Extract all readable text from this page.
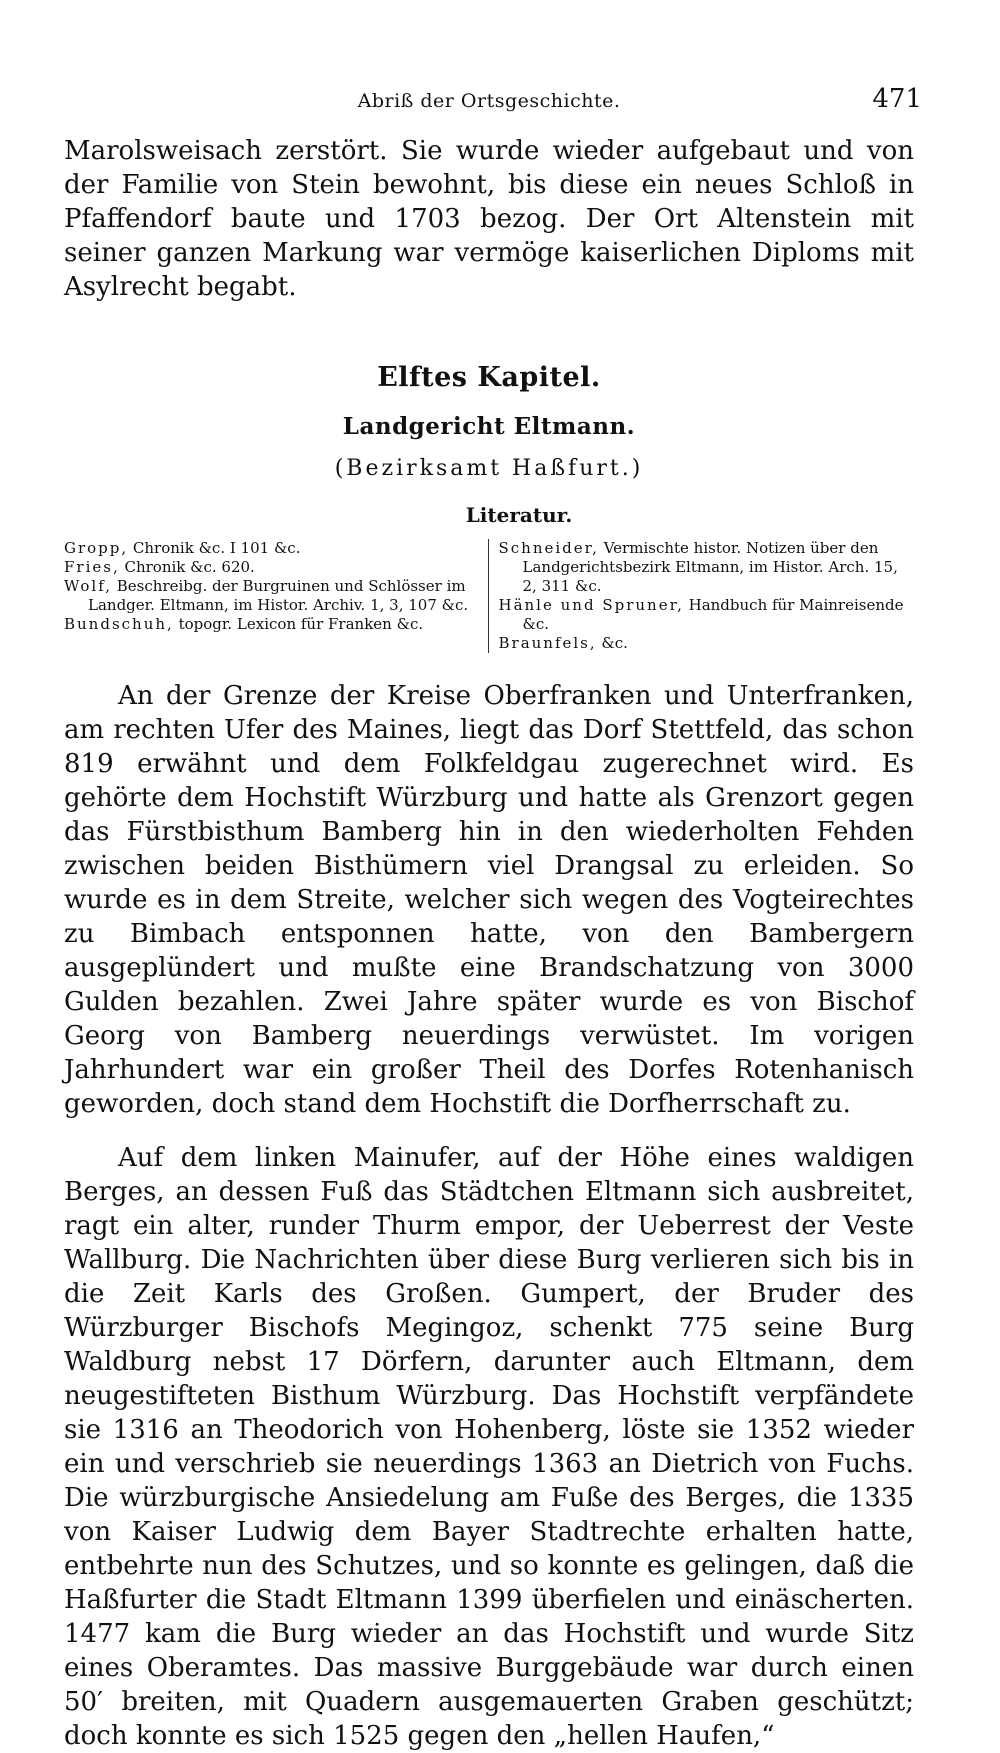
Abriß der Ortsgeschichte.	471

Marolsweisach zerstört. Sie wurde wieder aufgebaut und von der Familie von Stein bewohnt, bis diese ein neues Schloß in Pfaffendorf baute und 1703 bezog. Der Ort Altenstein mit seiner ganzen Markung war vermöge kaiserlichen Diploms mit Asylrecht begabt.

Elftes Kapitel.
Landgericht Eltmann.
(Bezirksamt Haßfurt.)
Literatur.

Gropp, Chronik &c. I 101 &c.

Fries, Chronik &c. 620.

Wolf, Beschreibg. der Burgruinen und Schlösser im Landger. Eltmann, im Histor. Archiv. 1, 3, 107 &c.

Bundschuh, topogr. Lexicon für Franken &c.

Schneider, Vermischte histor. Notizen über den Landgerichtsbezirk Eltmann, im Histor. Arch. 15, 2, 311 &c.

Hänle und Spruner, Handbuch für Mainreisende &c.

Braunfels, &c.

An der Grenze der Kreise Oberfranken und Unterfranken, am rechten Ufer des Maines, liegt das Dorf Stettfeld, das schon 819 erwähnt und dem Folkfeldgau zugerechnet wird. Es gehörte dem Hochstift Würzburg und hatte als Grenzort gegen das Fürstbisthum Bamberg hin in den wiederholten Fehden zwischen beiden Bisthümern viel Drangsal zu erleiden. So wurde es in dem Streite, welcher sich wegen des Vogteirechtes zu Bimbach entsponnen hatte, von den Bambergern ausgeplündert und mußte eine Brandschatzung von 3000 Gulden bezahlen. Zwei Jahre später wurde es von Bischof Georg von Bamberg neuerdings verwüstet. Im vorigen Jahrhundert war ein großer Theil des Dorfes Rotenhanisch geworden, doch stand dem Hochstift die Dorfherrschaft zu.

Auf dem linken Mainufer, auf der Höhe eines waldigen Berges, an dessen Fuß das Städtchen Eltmann sich ausbreitet, ragt ein alter, runder Thurm empor, der Ueberrest der Veste Wallburg. Die Nachrichten über diese Burg verlieren sich bis in die Zeit Karls des Großen. Gumpert, der Bruder des Würzburger Bischofs Megingoz, schenkt 775 seine Burg Waldburg nebst 17 Dörfern, darunter auch Eltmann, dem neugestifteten Bisthum Würzburg. Das Hochstift verpfändete sie 1316 an Theodorich von Hohenberg, löste sie 1352 wieder ein und verschrieb sie neuerdings 1363 an Dietrich von Fuchs. Die würzburgische Ansiedelung am Fuße des Berges, die 1335 von Kaiser Ludwig dem Bayer Stadtrechte erhalten hatte, entbehrte nun des Schutzes, und so konnte es gelingen, daß die Haßfurter die Stadt Eltmann 1399 überfielen und einäscherten. 1477 kam die Burg wieder an das Hochstift und wurde Sitz eines Oberamtes. Das massive Burggebäude war durch einen 50′ breiten, mit Quadern ausgemauerten Graben geschützt; doch konnte es sich 1525 gegen den „hellen Haufen,“
